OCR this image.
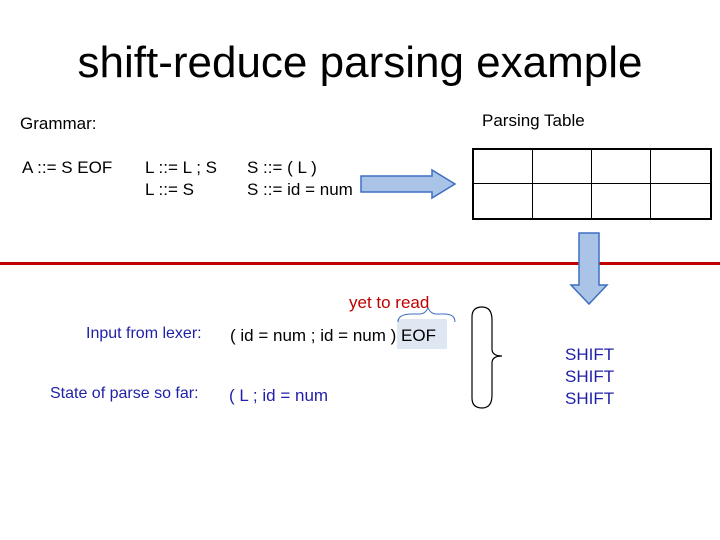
shift-reduce parsing example
Grammar:
A ::= S EOF L ::= L ; S
L ::= S
S ::= ( L )
S ::= id = num
Parsing Table
yet to read
Input from lexer: ( id = num ; id = num ) EOF
State of parse so far: ( L ; id = num
SHIFT
SHIFT
SHIFT
